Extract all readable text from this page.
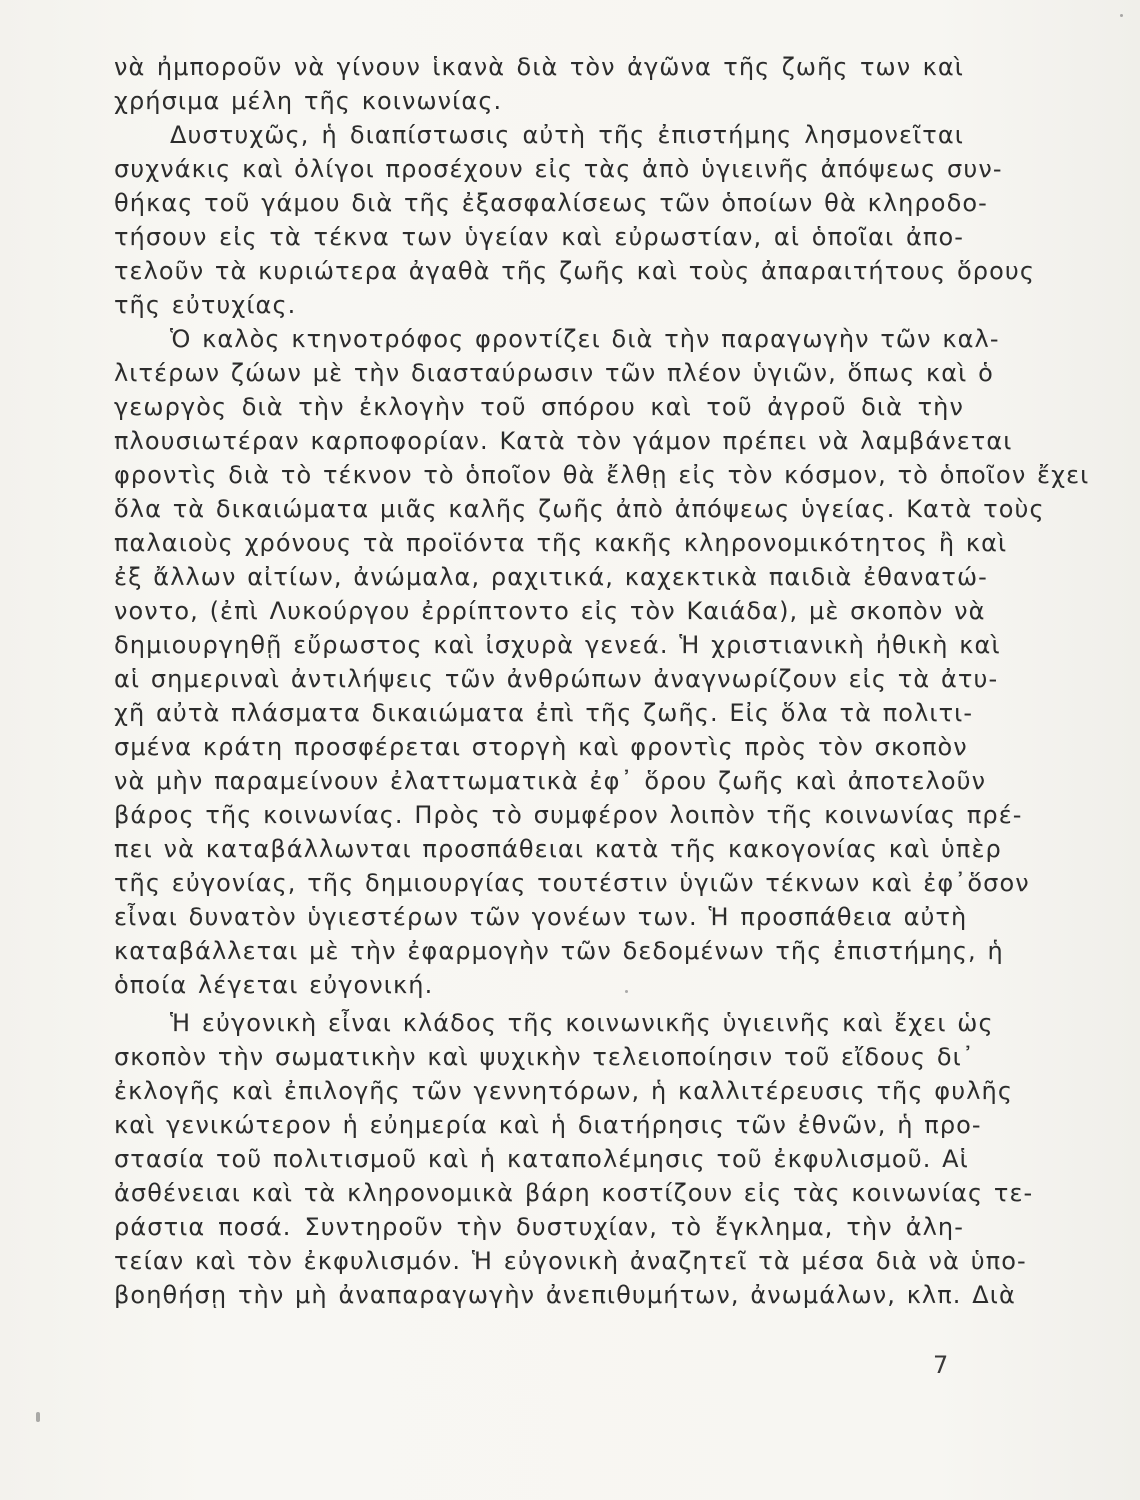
νὰ ἠμποροῦν νὰ γίνουν ἱκανὰ διὰ τὸν ἀγῶνα τῆς ζωῆς των καὶ
χρήσιμα μέλη τῆς κοινωνίας.
Δυστυχῶς, ἡ διαπίστωσις αὐτὴ τῆς ἐπιστήμης λησμονεῖται
συχνάκις καὶ ὀλίγοι προσέχουν εἰς τὰς ἀπὸ ὑγιεινῆς ἀπόψεως συν-
θήκας τοῦ γάμου διὰ τῆς ἐξασφαλίσεως τῶν ὁποίων θὰ κληροδο-
τήσουν εἰς τὰ τέκνα των ὑγείαν καὶ εὐρωστίαν, αἱ ὁποῖαι ἀπο-
τελοῦν τὰ κυριώτερα ἀγαθὰ τῆς ζωῆς καὶ τοὺς ἀπαραιτήτους ὅρους
τῆς εὐτυχίας.
Ὁ καλὸς κτηνοτρόφος φροντίζει διὰ τὴν παραγωγὴν τῶν καλ-
λιτέρων ζώων μὲ τὴν διασταύρωσιν τῶν πλέον ὑγιῶν, ὅπως καὶ ὁ
γεωργὸς διὰ τὴν ἐκλογὴν τοῦ σπόρου καὶ τοῦ ἀγροῦ διὰ τὴν
πλουσιωτέραν καρποφορίαν. Κατὰ τὸν γάμον πρέπει νὰ λαμβάνεται
φροντὶς διὰ τὸ τέκνον τὸ ὁποῖον θὰ ἔλθῃ εἰς τὸν κόσμον, τὸ ὁποῖον ἔχει
ὅλα τὰ δικαιώματα μιᾶς καλῆς ζωῆς ἀπὸ ἀπόψεως ὑγείας. Κατὰ τοὺς
παλαιοὺς χρόνους τὰ προϊόντα τῆς κακῆς κληρονομικότητος ἢ καὶ
ἐξ ἄλλων αἰτίων, ἀνώμαλα, ραχιτικά, καχεκτικὰ παιδιὰ ἐθανατώ-
νοντο, (ἐπὶ Λυκούργου ἐρρίπτοντο εἰς τὸν Καιάδα), μὲ σκοπὸν νὰ
δημιουργηθῇ εὔρωστος καὶ ἰσχυρὰ γενεά. Ἡ χριστιανικὴ ἠθικὴ καὶ
αἱ σημεριναὶ ἀντιλήψεις τῶν ἀνθρώπων ἀναγνωρίζουν εἰς τὰ ἀτυ-
χῆ αὐτὰ πλάσματα δικαιώματα ἐπὶ τῆς ζωῆς. Εἰς ὅλα τὰ πολιτι-
σμένα κράτη προσφέρεται στοργὴ καὶ φροντὶς πρὸς τὸν σκοπὸν
νὰ μὴν παραμείνουν ἐλαττωματικὰ ἐφ᾽ ὅρου ζωῆς καὶ ἀποτελοῦν
βάρος τῆς κοινωνίας. Πρὸς τὸ συμφέρον λοιπὸν τῆς κοινωνίας πρέ-
πει νὰ καταβάλλωνται προσπάθειαι κατὰ τῆς κακογονίας καὶ ὑπὲρ
τῆς εὐγονίας, τῆς δημιουργίας τουτέστιν ὑγιῶν τέκνων καὶ ἐφ᾽ὅσον
εἶναι δυνατὸν ὑγιεστέρων τῶν γονέων των. Ἡ προσπάθεια αὐτὴ
καταβάλλεται μὲ τὴν ἐφαρμογὴν τῶν δεδομένων τῆς ἐπιστήμης, ἡ
ὁποία λέγεται εὐγονική.
Ἡ εὐγονικὴ εἶναι κλάδος τῆς κοινωνικῆς ὑγιεινῆς καὶ ἔχει ὡς
σκοπὸν τὴν σωματικὴν καὶ ψυχικὴν τελειοποίησιν τοῦ εἴδους δι᾽
ἐκλογῆς καὶ ἐπιλογῆς τῶν γεννητόρων, ἡ καλλιτέρευσις τῆς φυλῆς
καὶ γενικώτερον ἡ εὐημερία καὶ ἡ διατήρησις τῶν ἐθνῶν, ἡ προ-
στασία τοῦ πολιτισμοῦ καὶ ἡ καταπολέμησις τοῦ ἐκφυλισμοῦ. Αἱ
ἀσθένειαι καὶ τὰ κληρονομικὰ βάρη κοστίζουν εἰς τὰς κοινωνίας τε-
ράστια ποσά. Συντηροῦν τὴν δυστυχίαν, τὸ ἔγκλημα, τὴν ἀλη-
τείαν καὶ τὸν ἐκφυλισμόν. Ἡ εὐγονικὴ ἀναζητεῖ τὰ μέσα διὰ νὰ ὑπο-
βοηθήσῃ τὴν μὴ ἀναπαραγωγὴν ἀνεπιθυμήτων, ἀνωμάλων, κλπ. Διὰ
7
